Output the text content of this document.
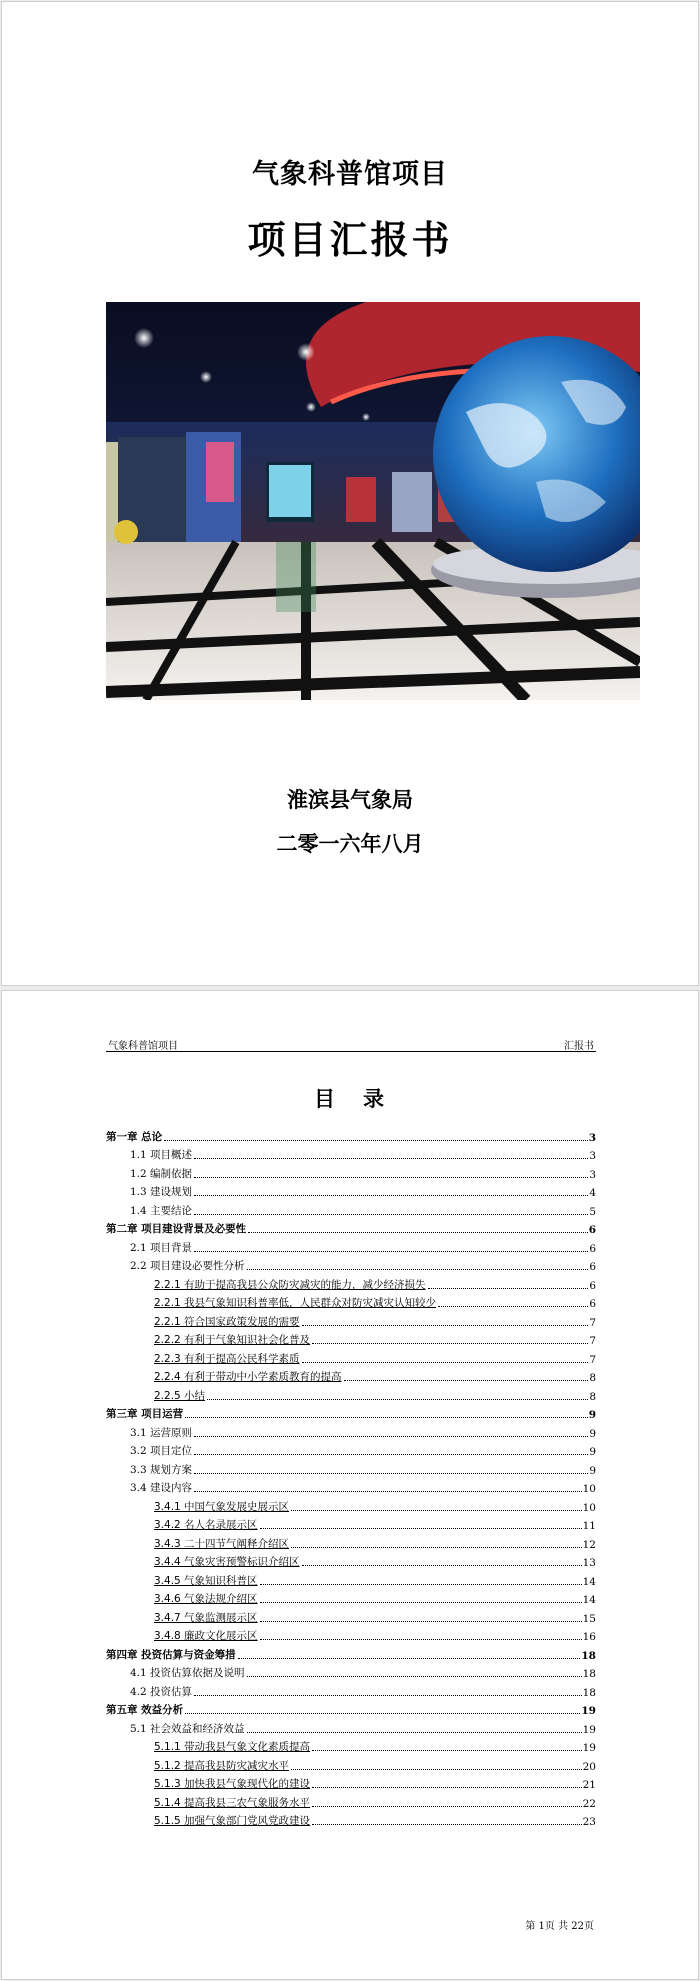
气象科普馆项目
项目汇报书
淮滨县气象局
二零一六年八月
气象科普馆项目	汇报书
目 录
第一章 总论	3
1.1 项目概述	3
1.2 编制依据	3
1.3 建设规划	4
1.4 主要结论	5
第二章 项目建设背景及必要性	6
2.1 项目背景	6
2.2 项目建设必要性分析	6
2.2.1 有助于提高我县公众防灾减灾的能力，减少经济损失	6
2.2.1 我县气象知识科普率低，人民群众对防灾减灾认知较少	6
2.2.1 符合国家政策发展的需要	7
2.2.2 有利于气象知识社会化普及	7
2.2.3 有利于提高公民科学素质	7
2.2.4 有利于带动中小学素质教育的提高	8
2.2.5 小结	8
第三章 项目运营	9
3.1 运营原则	9
3.2 项目定位	9
3.3 规划方案	9
3.4 建设内容	10
3.4.1 中国气象发展史展示区	10
3.4.2 名人名录展示区	11
3.4.3 二十四节气阐释介绍区	12
3.4.4 气象灾害预警标识介绍区	13
3.4.5 气象知识科普区	14
3.4.6 气象法规介绍区	14
3.4.7 气象监测展示区	15
3.4.8 廉政文化展示区	16
第四章 投资估算与资金筹措	18
4.1 投资估算依据及说明	18
4.2 投资估算	18
第五章 效益分析	19
5.1 社会效益和经济效益	19
5.1.1 带动我县气象文化素质提高	19
5.1.2 提高我县防灾减灾水平	20
5.1.3 加快我县气象现代化的建设	21
5.1.4 提高我县三农气象服务水平	22
5.1.5 加强气象部门党风党政建设	23
第 1页 共 22页
